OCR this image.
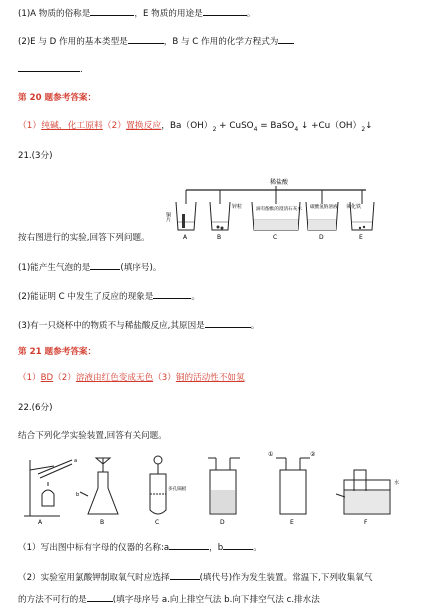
(1)A 物质的俗称是	，E 物质的用途是	。
(2)E 与 D 作用的基本类型是	，B 与 C 作用的化学方程式为
.
第 20 题参考答案：
（1）纯碱，化工原料（2）置换反应，$Ba(OH)_2$ + CuSO$_4$ = BaSO$_4$ ↓ $+Cu(OH)_2↓$
21.(3分)
稀盐酸
铜片
锌粒	滴有酚酞的澄清石灰水 碳酸氢钠溶液 氧化铁
A	B	C	D	E
按右图进行的实验,回答下列问题。
(1)能产生气泡的是	(填序号)。
(2)能证明 C 中发生了反应的现象是	。
(3)有一只烧杯中的物质不与稀盐酸反应,其原因是	。
第 21 题参考答案：
（1）BD（2）溶液由红色变成无色（3）铜的活动性不如氢
22.(6分)
结合下列化学实验装置,回答有关问题。
a
b
多孔隔板
①	②
水
A	B	C	D	E	F
（1）写出图中标有字母的仪器的名称:a	，b	。
（2）实验室用氯酸钾制取氧气时应选择	(填代号)作为发生装置。常温下,下列收集氧气
的方法不可行的是	(填字母序号 a.向上排空气法 b.向下排空气法 c.排水法
